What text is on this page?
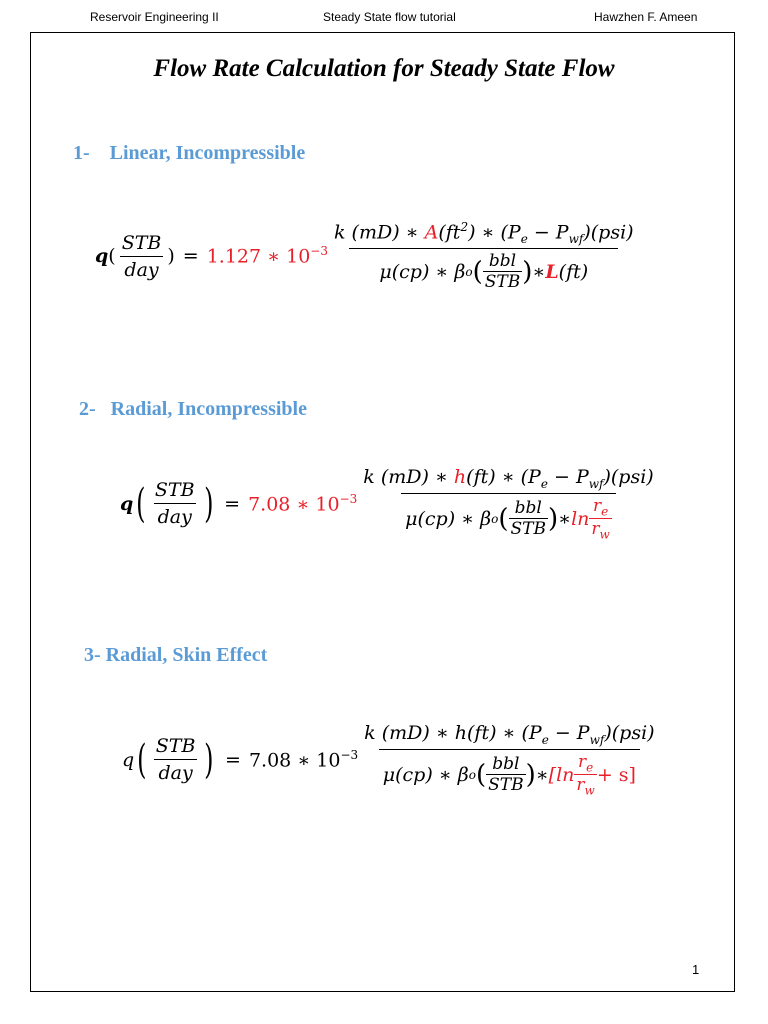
Reservoir Engineering II	Steady State flow tutorial	Hawzhen F. Ameen
Flow Rate Calculation for Steady State Flow
1-    Linear, Incompressible
q ( $\frac{\text{STB}}{\text{day}}$ ) = 1.127 ∗ $10^{-3} \frac{k (mD) ∗ A(ft^2) ∗ (P_e - P_{wf})(psi)}{\mu(cp) ∗ \beta o ( \frac{\text{bbl}}{\text{STB}} ) ∗ L (ft)}$
2-   Radial, Incompressible
q ( $\frac{\text{STB}}{\text{day}}$ ) = 7.08 ∗ $10^{-3} \frac{k (mD) ∗ h(ft) ∗ (P_e - P_{wf})(psi)}{\mu(cp) ∗ \beta o ( \frac{\text{bbl}}{\text{STB}} ) ∗ \ln \frac{r_e}{r_w}}$
3- Radial, Skin Effect
q ( $\frac{\text{STB}}{\text{day}}$ ) = 7.08 ∗ $10^{-3} \frac{k (mD) ∗ h(ft) ∗ (P_e - P_{wf})(psi)}{\mu(cp) ∗ \beta o ( \frac{\text{bbl}}{\text{STB}} ) ∗ [\ln \frac{r_e}{r_w} + s]}$
1
